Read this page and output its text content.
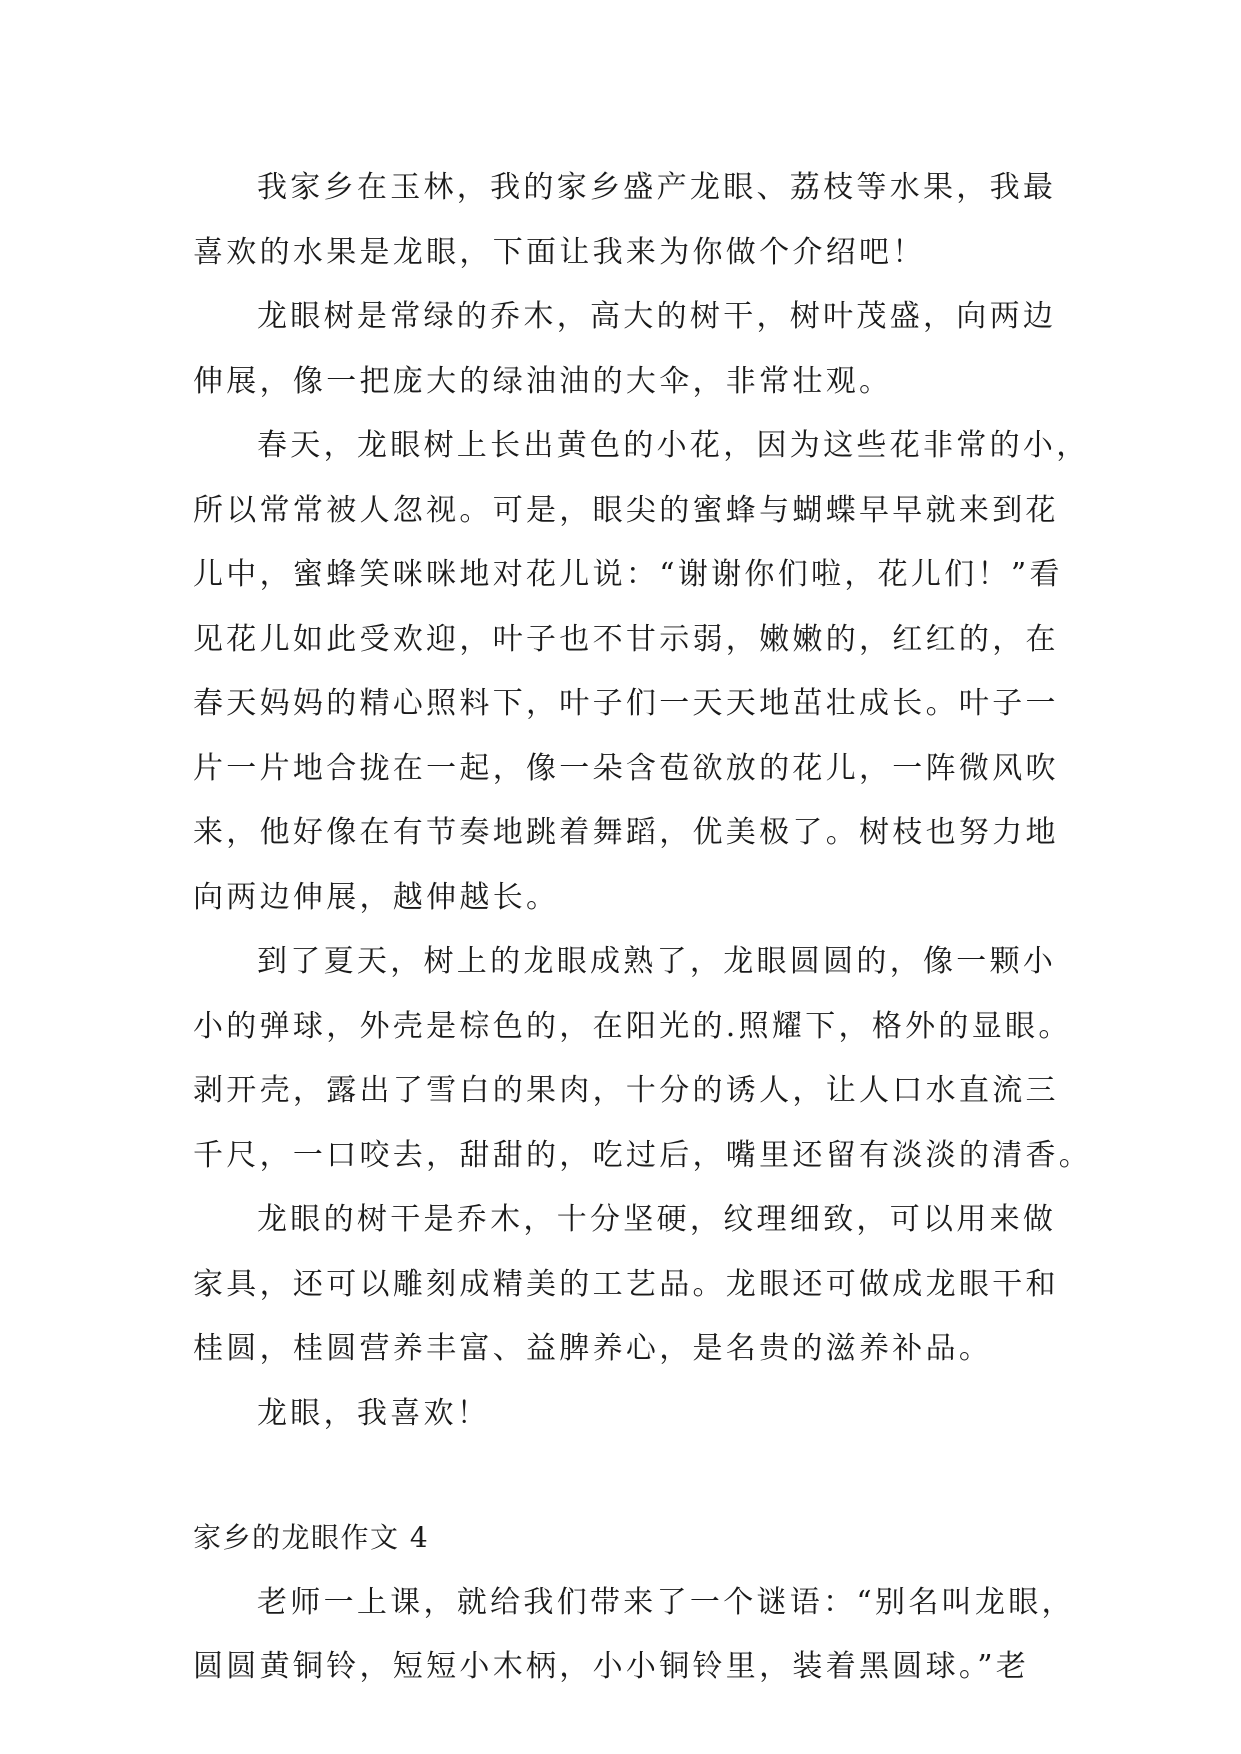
我家乡在玉林，我的家乡盛产龙眼、荔枝等水果，我最
喜欢的水果是龙眼，下面让我来为你做个介绍吧！
龙眼树是常绿的乔木，高大的树干，树叶茂盛，向两边
伸展，像一把庞大的绿油油的大伞，非常壮观。
春天，龙眼树上长出黄色的小花，因为这些花非常的小，
所以常常被人忽视。可是，眼尖的蜜蜂与蝴蝶早早就来到花
儿中，蜜蜂笑咪咪地对花儿说：“谢谢你们啦，花儿们！”看
见花儿如此受欢迎，叶子也不甘示弱，嫩嫩的，红红的，在
春天妈妈的精心照料下，叶子们一天天地茁壮成长。叶子一
片一片地合拢在一起，像一朵含苞欲放的花儿，一阵微风吹
来，他好像在有节奏地跳着舞蹈，优美极了。树枝也努力地
向两边伸展，越伸越长。
到了夏天，树上的龙眼成熟了，龙眼圆圆的，像一颗小
小的弹球，外壳是棕色的，在阳光的.照耀下，格外的显眼。
剥开壳，露出了雪白的果肉，十分的诱人，让人口水直流三
千尺，一口咬去，甜甜的，吃过后，嘴里还留有淡淡的清香。
龙眼的树干是乔木，十分坚硬，纹理细致，可以用来做
家具，还可以雕刻成精美的工艺品。龙眼还可做成龙眼干和
桂圆，桂圆营养丰富、益脾养心，是名贵的滋养补品。
龙眼，我喜欢！
家乡的龙眼作文 4
老师一上课，就给我们带来了一个谜语：“别名叫龙眼，
圆圆黄铜铃，短短小木柄，小小铜铃里，装着黑圆球。”老
